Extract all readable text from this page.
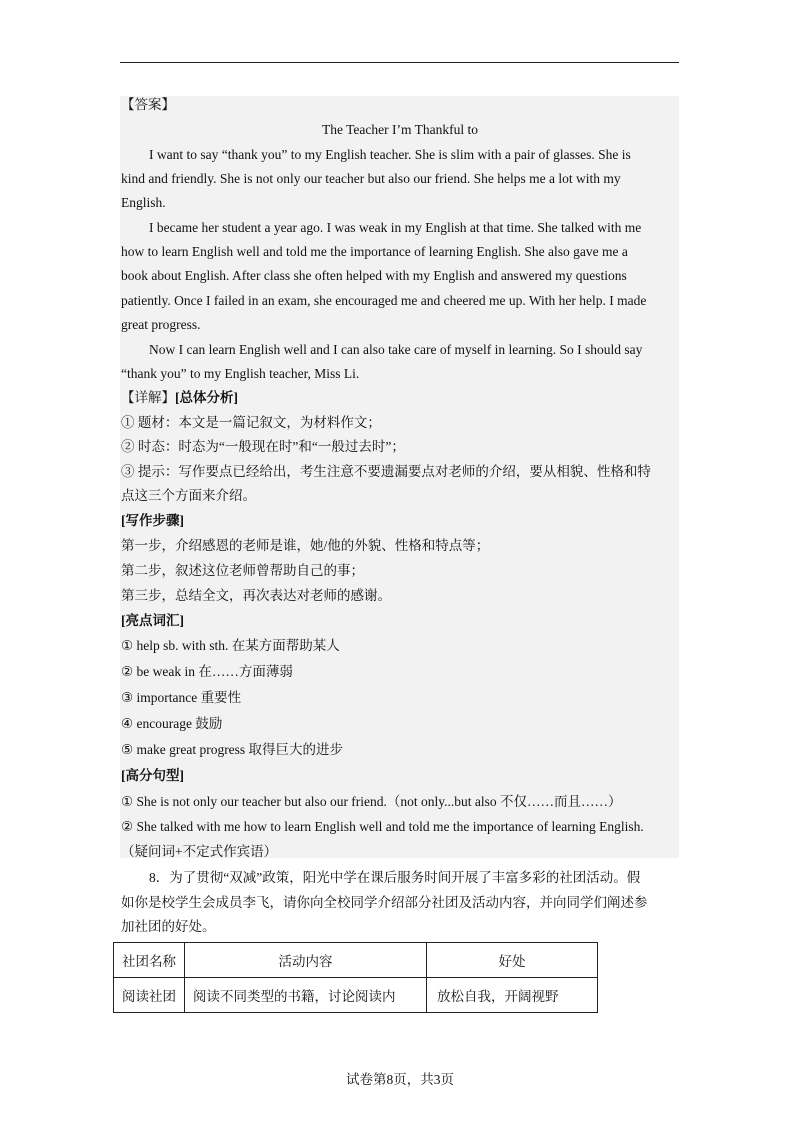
【答案】
The Teacher I’m Thankful to
I want to say “thank you” to my English teacher. She is slim with a pair of glasses. She is
kind and friendly. She is not only our teacher but also our friend. She helps me a lot with my
English.
I became her student a year ago. I was weak in my English at that time. She talked with me
how to learn English well and told me the importance of learning English. She also gave me a
book about English. After class she often helped with my English and answered my questions
patiently. Once I failed in an exam, she encouraged me and cheered me up. With her help. I made
great progress.
Now I can learn English well and I can also take care of myself in learning. So I should say
“thank you” to my English teacher, Miss Li.
【详解】[总体分析]
① 题材：本文是一篇记叙文，为材料作文；
② 时态：时态为“一般现在时”和“一般过去时”；
③ 提示：写作要点已经给出，考生注意不要遗漏要点对老师的介绍，要从相貌、性格和特
点这三个方面来介绍。
[写作步骤]
第一步，介绍感恩的老师是谁，她/他的外貌、性格和特点等；
第二步，叙述这位老师曾帮助自己的事；
第三步，总结全文，再次表达对老师的感谢。
[亮点词汇]
① help sb. with sth. 在某方面帮助某人
② be weak in 在……方面薄弱
③ importance 重要性
④ encourage 鼓励
⑤ make great progress 取得巨大的进步
[高分句型]
① She is not only our teacher but also our friend.（not only...but also 不仅……而且……）
② She talked with me how to learn English well and told me the importance of learning English.
（疑问词+不定式作宾语）
8．为了贯彻“双减”政策，阳光中学在课后服务时间开展了丰富多彩的社团活动。假
如你是校学生会成员李飞，请你向全校同学介绍部分社团及活动内容，并向同学们阐述参
加社团的好处。
社团名称	活动内容	好处
阅读社团	阅读不同类型的书籍，讨论阅读内	放松自我，开阔视野
试卷第8页，共3页
